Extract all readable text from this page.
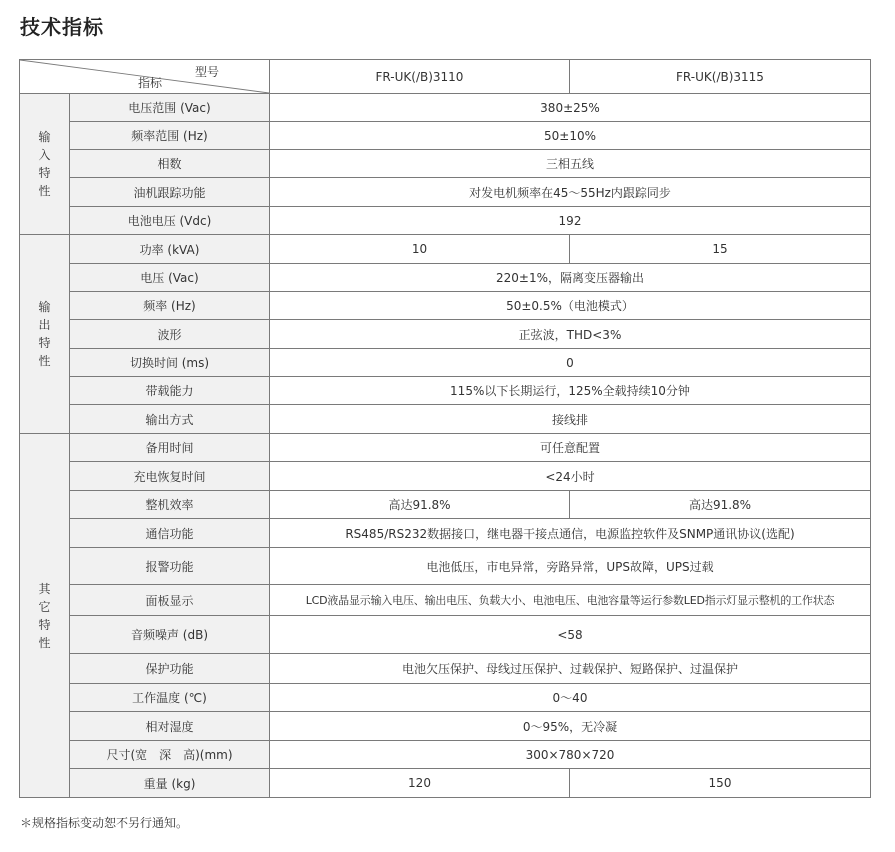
技术指标
型号
指标		FR-UK(/B)3110	FR-UK(/B)3115
输入特性	电压范围 (Vac)	380±25%	
	频率范围 (Hz)	50±10%	
	相数	三相五线	
	油机跟踪功能	对发电机频率在45～55Hz内跟踪同步	
	电池电压 (Vdc)	192	
输出特性	功率 (kVA)	10	15
	电压 (Vac)	220±1%，隔离变压器输出	
	频率 (Hz)	50±0.5%（电池模式）	
	波形	正弦波，THD<3%	
	切换时间 (ms)	0	
	带载能力	115%以下长期运行，125%全载持续10分钟	
	输出方式	接线排	
其它特性	备用时间	可任意配置	
	充电恢复时间	<24小时	
	整机效率	高达91.8%	高达91.8%
	通信功能	RS485/RS232数据接口，继电器干接点通信，电源监控软件及SNMP通讯协议(选配)	
	报警功能	电池低压，市电异常，旁路异常，UPS故障，UPS过载	
	面板显示	LCD液晶显示输入电压、输出电压、负载大小、电池电压、电池容量等运行参数LED指示灯显示整机的工作状态	
	音频噪声 (dB)	<58	
	保护功能	电池欠压保护、母线过压保护、过载保护、短路保护、过温保护	
	工作温度 (℃)	0～40	
	相对湿度	0～95%，无冷凝	
	尺寸(宽　深　高)(mm)	300×780×720	
	重量 (kg)	120	150
＊规格指标变动恕不另行通知。
